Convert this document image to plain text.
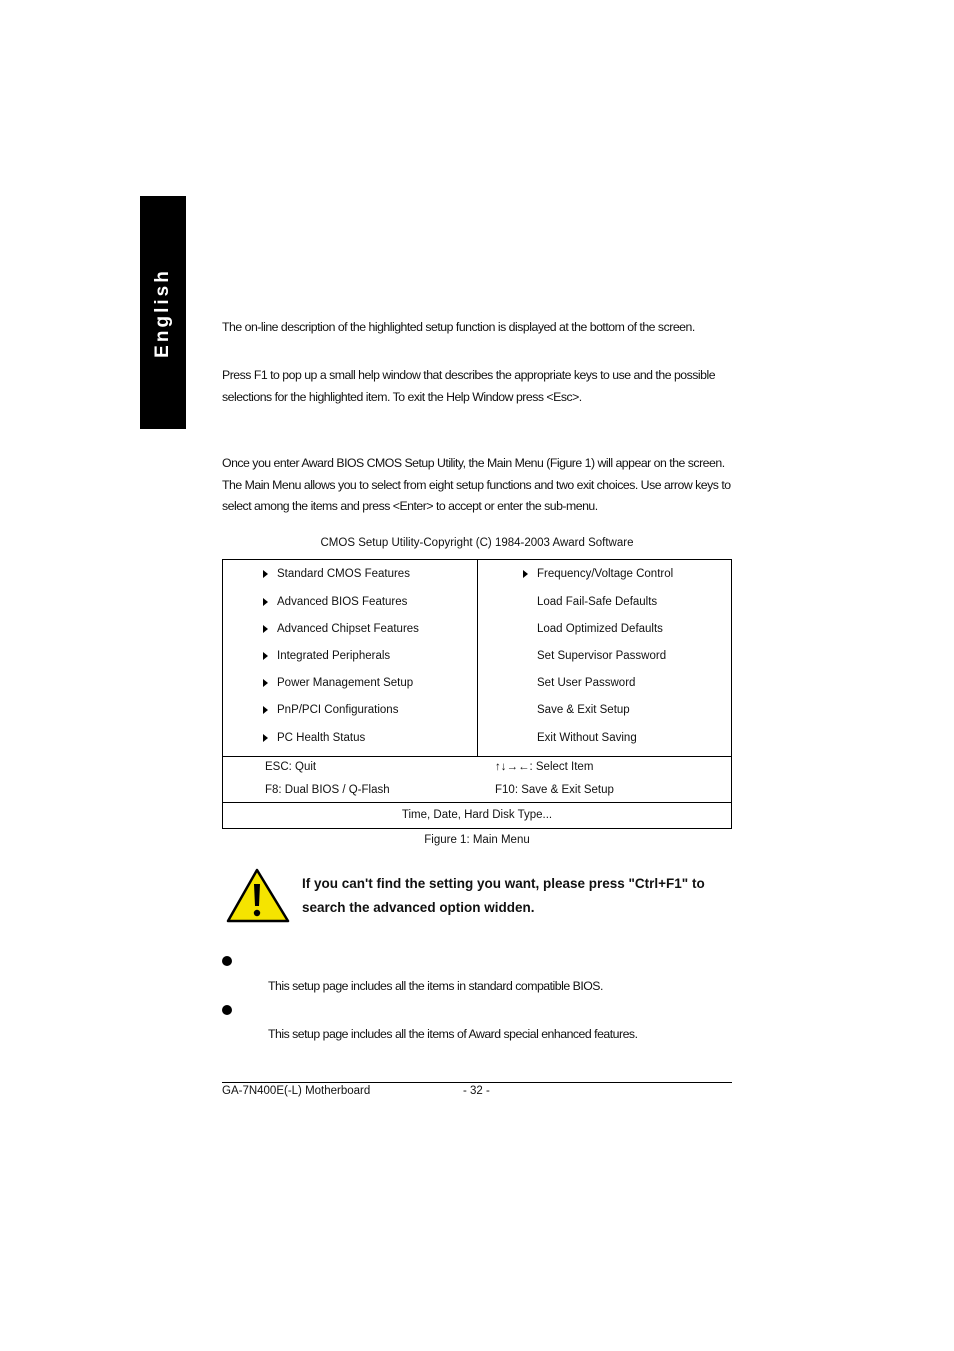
English	The on-line description of the highlighted setup function is displayed at the bottom of the screen.

Press F1 to pop up a small help window that describes the appropriate keys to use and the possible
selections for the highlighted item. To exit the Help Window press <Esc>.

Once you enter Award BIOS CMOS Setup Utility, the Main Menu (Figure 1) will appear on the screen.
The Main Menu allows you to select from eight setup functions and two exit choices. Use arrow keys to
select among the items and press <Enter> to accept or enter the sub-menu.

CMOS Setup Utility-Copyright (C) 1984-2003 Award Software
Standard CMOS Features
Advanced BIOS Features
Advanced Chipset Features
Integrated Peripherals
Power Management Setup
PnP/PCI Configurations
PC Health Status
Frequency/Voltage Control
Load Fail-Safe Defaults
Load Optimized Defaults
Set Supervisor Password
Set User Password
Save & Exit Setup
Exit Without Saving
ESC: Quit	↑↓→←: Select Item
F8: Dual BIOS / Q-Flash	F10: Save & Exit Setup
Time, Date, Hard Disk Type...
Figure 1: Main Menu

If you can't find the setting you want, please press "Ctrl+F1" to
search the advanced option widden.

This setup page includes all the items in standard compatible BIOS.

This setup page includes all the items of Award special enhanced features.

GA-7N400E(-L) Motherboard	- 32 -
